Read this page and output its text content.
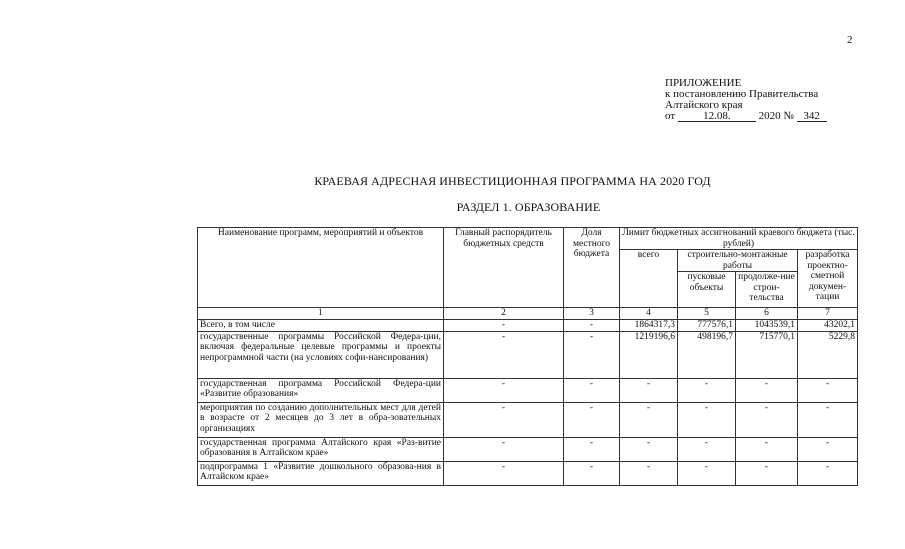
2
ПРИЛОЖЕНИЕ
к постановлению Правительства
Алтайского края
от	12.08.	2020 № 342
КРАЕВАЯ АДРЕСНАЯ ИНВЕСТИЦИОННАЯ ПРОГРАММА НА 2020 ГОД
РАЗДЕЛ 1. ОБРАЗОВАНИЕ
Наименование программ, мероприятий и объектов	Главный распорядитель бюджетных средств	Доля местного бюджета	Лимит бюджетных ассигнований краевого бюджета (тыс. рублей)			
			всего	строительно-монтажные работы		разработка проектно-сметной докумен-тации
				пусковые объекты	продолже-ние строи-тельства	

1	2	3	4	5	6	7
Всего, в том числе	-	-	1864317,3	777576,1	1043539,1	43202,1
государственные программы Российской Федера-ции, включая федеральные целевые программы и проекты непрограммной части (на условиях софи-нансирования)	-	-	1219196,6	498196,7	715770,1	5229,8
государственная программа Российской Федера-ции «Развитие образования»	-	-	-	-	-	-
мероприятия по созданию дополнительных мест для детей в возрасте от 2 месяцев до 3 лет в обра-зовательных организациях	-	-	-	-	-	-
государственная программа Алтайского края «Раз-витие образования в Алтайском крае»	-	-	-	-	-	-
подпрограмма 1 «Развитие дошкольного образова-ния в Алтайском крае»	-	-	-	-	-	-
